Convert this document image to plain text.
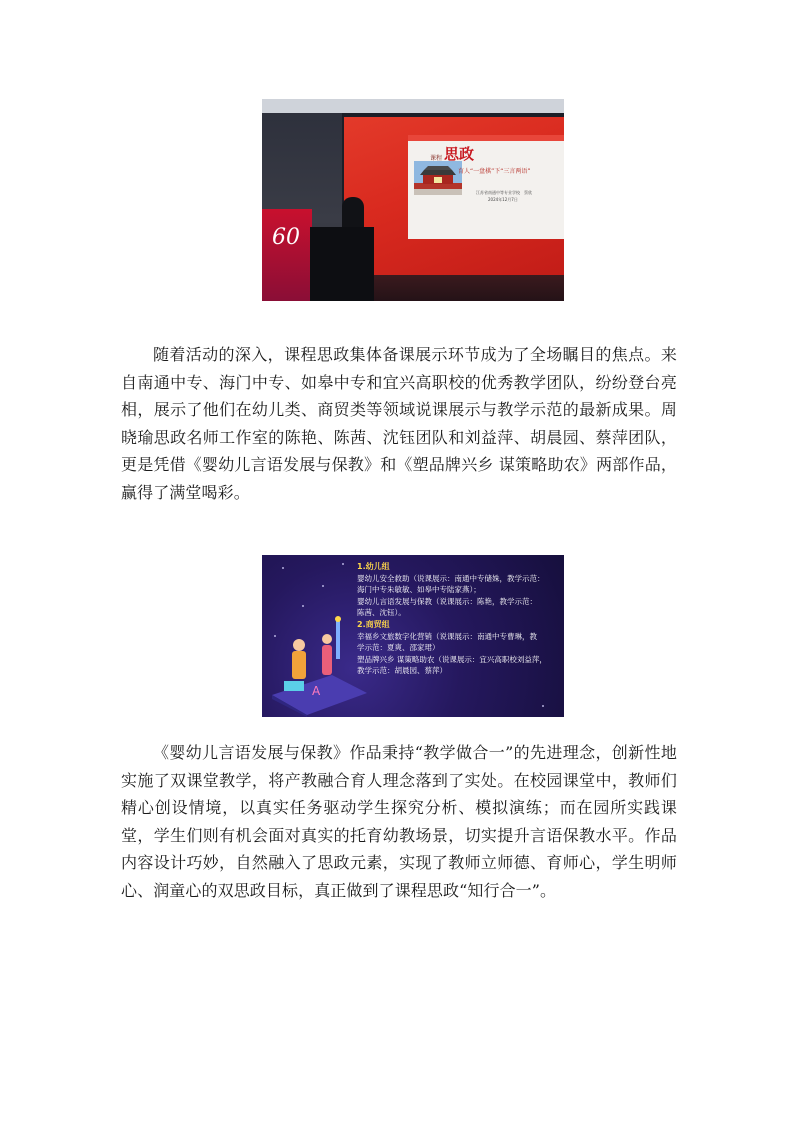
课程 思政
育人“一盘棋”下“三言两语”
江苏省南通中等专业学校　蔡欣
2024年12月7日
60

随着活动的深入，课程思政集体备课展示环节成为了全场瞩目的焦点。来自南通中专、海门中专、如皋中专和宜兴高职校的优秀教学团队，纷纷登台亮相，展示了他们在幼儿类、商贸类等领域说课展示与教学示范的最新成果。周晓瑜思政名师工作室的陈艳、陈茜、沈钰团队和刘益萍、胡晨园、蔡萍团队，更是凭借《婴幼儿言语发展与保教》和《塑品牌兴乡 谋策略助农》两部作品，赢得了满堂喝彩。

A
1.幼儿组
婴幼儿安全救助（说课展示：南通中专储姝，教学示范：
海门中专朱敏敏、如皋中专陆家燕）；
婴幼儿言语发展与保教（说课展示：陈艳，教学示范：
陈茜、沈钰）。
2.商贸组
幸福乡文旅数字化营销（说课展示：南通中专曹琳，教
学示范：夏爽、邵家珺）
塑品牌兴乡 谋策略助农（说课展示：宜兴高职校刘益萍，
教学示范：胡晨园、蔡萍）

《婴幼儿言语发展与保教》作品秉持“教学做合一”的先进理念，创新性地实施了双课堂教学，将产教融合育人理念落到了实处。在校园课堂中，教师们精心创设情境，以真实任务驱动学生探究分析、模拟演练；而在园所实践课堂，学生们则有机会面对真实的托育幼教场景，切实提升言语保教水平。作品内容设计巧妙，自然融入了思政元素，实现了教师立师德、育师心，学生明师心、润童心的双思政目标，真正做到了课程思政“知行合一”。
